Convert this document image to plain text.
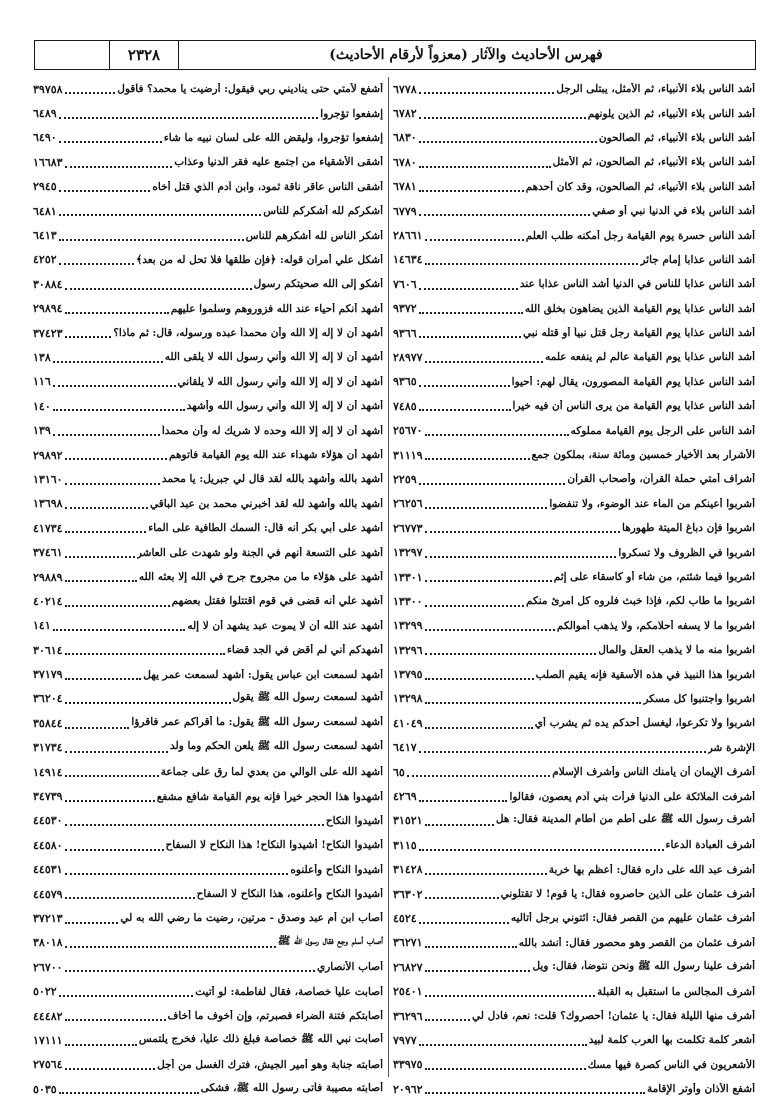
فهرس الأحاديث والآثار (معزواً لأرقام الأحاديث)
٢٣٢٨
أشد الناس بلاء الأنبياء، ثم الأمثل، يبتلى الرجل
٦٧٧٨
أشد الناس بلاء الأنبياء، ثم الذين يلونهم
٦٧٨٢
أشد الناس بلاء الأنبياء، ثم الصالحون
٦٨٣٠
أشد الناس بلاء الأنبياء، ثم الصالحون، ثم الأمثل
٦٧٨٠
أشد الناس بلاء الأنبياء، ثم الصالحون، وقد كان أحدهم
٦٧٨١
أشد الناس بلاء في الدنيا نبي أو صفي
٦٧٧٩
أشد الناس حسرة يوم القيامة رجل أمكنه طلب العلم
٢٨٦٦١
أشد الناس عذابا إمام جائر
١٤٦٣٤
أشد الناس عذابا للناس في الدنيا أشد الناس عذابا عند
٧٦٠٦
أشد الناس عذابا يوم القيامة الذين يضاهون بخلق الله
٩٣٧٢
أشد الناس عذابا يوم القيامة رجل قتل نبياً أو قتله نبي
٩٣٦٦
أشد الناس عذابا يوم القيامة عالم لم ينفعه علمه
٢٨٩٧٧
أشد الناس عذابا يوم القيامة المصورون، يقال لهم: أحيوا
٩٣٦٥
أشد الناس عذابا يوم القيامة من يرى الناس أن فيه خيراً
٧٤٨٥
أشد الناس على الرجل يوم القيامة مملوكه
٢٥٦٧٠
الأشرار بعد الأخيار خمسين ومائة سنة، بملكون جمع
٣١١١٩
أشراف أمتي حملة القرآن، وأصحاب القرآن
٢٢٥٩
أشربوا أعينكم من الماء عند الوضوء، ولا تنفضوا
٢٦٢٥٦
اشربوا فإن دباغ الميتة طهورها
٢٦٧٧٣
اشربوا في الظروف ولا تسكروا
١٣٢٩٧
اشربوا فيما شئتم، من شاء أو كاسقاء على إثم
١٣٣٠١
اشربوا ما طاب لكم، فإذا خبث فلروه كل امرئ منكم
١٣٣٠٠
اشربوا ما لا يسفه أحلامكم، ولا يذهب أموالكم
١٣٢٩٩
اشربوا منه ما لا يذهب العقل والمال
١٣٢٩٦
اشربوا هذا النبيذ في هذه الأسقية فإنه يقيم الصلب
١٣٧٩٥
اشربوا واجتنبوا كل مسكر
١٣٢٩٨
اشربوا ولا تكرعوا، ليغسل أحدكم يده ثم يشرب أي
٤١٠٤٩
الإشرة شر
٦٤١٧
أشرف الإيمان أن يأمنك الناس وأشرف الإسلام
٦٥
أشرفت الملائكة على الدنيا فرأت بني آدم يعصون، فقالوا
٤٢٦٩
أشرف رسول الله ﷺ على أطم من آطام المدينة فقال: هل
٣١٥٢١
أشرف العبادة الدعاء
٣١١٥
أشرف عبد الله على داره فقال: أعظم بها خربة
٣١٤٢٨
أشرف عثمان على الذين حاصروه فقال: يا قوم! لا تقتلوني
٣٦٣٠٢
أشرف عثمان عليهم من القصر فقال: ائتوني برجل أتاليه
٤٥٢٤
أشرف عثمان من القصر وهو محصور فقال: أنشد بالله
٣٦٢٧١
أشرف علينا رسول الله ﷺ ونحن نتوضأ، فقال: ويل
٢٦٨٢٧
أشرف المجالس ما استقبل به القبلة
٢٥٤٠١
أشرف منها الليلة فقال: يا عثمان! أحصروك؟ قلت: نعم، فادل لي
٣٦٢٩٦
أشعر كلمة تكلمت بها العرب كلمة لبيد
٧٩٧٧
الأشعريون في الناس كصرة فيها مسك
٣٣٩٧٥
أشفع الأذان وأوتر الإقامة
٢٠٩٦٢
أشفع لأمتي حتى يناديني ربي فيقول: أرضيت يا محمد؟ فأقول
٣٩٧٥٨
إشفعوا تؤجروا
٦٤٨٩
إشفعوا تؤجروا، وليقض الله على لسان نبيه ما شاء
٦٤٩٠
أشقى الأشقياء من اجتمع عليه فقر الدنيا وعذاب
١٦٦٨٣
أشقى الناس عاقر ناقة ثمود، وابن آدم الذي قتل أخاه
٢٩٤٥
أشكركم لله أشكركم للناس
٦٤٨١
أشكر الناس لله أشكرهم للناس
٦٤١٣
أشكل علي أمران قوله: ﴿فإن طلقها فلا تحل له من بعد﴾
٤٢٥٢
أشكو إلى الله صحيتكم رسول
٣٠٨٨٤
أشهد أنكم أحياء عند الله فزوروهم وسلموا عليهم
٢٩٨٩٤
أشهد أن لا إله إلا الله وأن محمداً عبده ورسوله، قال: ثم ماذا؟
٣٧٤٢٣
أشهد أن لا إله إلا الله وأني رسول الله لا يلقى الله
١٣٨
أشهد أن لا إله إلا الله وأني رسول الله لا يلقاني
١١٦
أشهد أن لا إله إلا الله وأني رسول الله وأشهد
١٤٠
أشهد أن لا إله إلا الله وحده لا شريك له وأن محمداً
١٣٩
أشهد أن هؤلاء شهداء عند الله يوم القيامة فأتوهم
٢٩٨٩٢
أشهد بالله وأشهد بالله لقد قال لي جبريل: يا محمد
١٣١٦٠
أشهد بالله وأشهد لله لقد أخبرني محمد بن عبد الباقي
١٣٦٩٨
أشهد على أبي بكر أنه قال: السمك الطافية على الماء
٤١٧٣٤
أشهد على التسعة أنهم في الجنة ولو شهدت على العاشر
٣٧٤٦١
أشهد على هؤلاء ما من مجروح جرح في الله إلا بعثه الله
٢٩٨٨٩
أشهد علي أنه قضى في قوم اقتتلوا فقتل بعضهم
٤٠٢١٤
أشهد عند الله أن لا يموت عبد يشهد أن لا إله
١٤١
أشهدكم أني لم أقض في الجد قضاء
٣٠٦١٤
أشهد لسمعت ابن عباس يقول: أشهد لسمعت عمر يهل
٣٧١٧٩
أشهد لسمعت رسول الله ﷺ يقول
٣٦٢٠٤
أشهد لسمعت رسول الله ﷺ يقول: ما أقراكم عمر فاقرؤا
٣٥٨٤٤
أشهد لسمعت رسول الله ﷺ يلعن الحكم وما ولد
٣١٧٣٤
أشهد الله على الوالي من بعدي لما رق على جماعة
١٤٩١٤
أشهدوا هذا الحجر خيراً فإنه يوم القيامة شافع مشفع
٣٤٧٣٩
أشيدوا النكاح
٤٤٥٣٠
أشيدوا النكاح! أشيدوا النكاح! هذا النكاح لا السفاح
٤٤٥٨٠
أشيدوا النكاح وأعلنوه
٤٤٥٣١
أشيدوا النكاح وأعلنوه، هذا النكاح لا السفاح
٤٤٥٧٩
أصاب ابن أم عبد وصدق - مرتين، رضيت ما رضي الله به لي
٣٧٢١٣
أصاب أسلم وجع فقال رسول الله ﷺ
٣٨٠١٨
أصاب الأنصاري
٢٦٧٠٠
أصابت علياً خصاصة، فقال لفاطمة: لو أتيت
٥٠٢٢
أصابتكم فتنة الضراء فصبرتم، وإن أخوف ما أخاف
٤٤٤٨٢
أصابت نبي الله ﷺ خصاصة فبلغ ذلك علياً، فخرج يلتمس
١٧١١١
أصابته جنابة وهو أمير الجيش، فترك الغسل من أجل
٢٧٥٦٤
أصابته مصيبة فأتى رسول الله ﷺ، فشكى
٥٠٣٥
